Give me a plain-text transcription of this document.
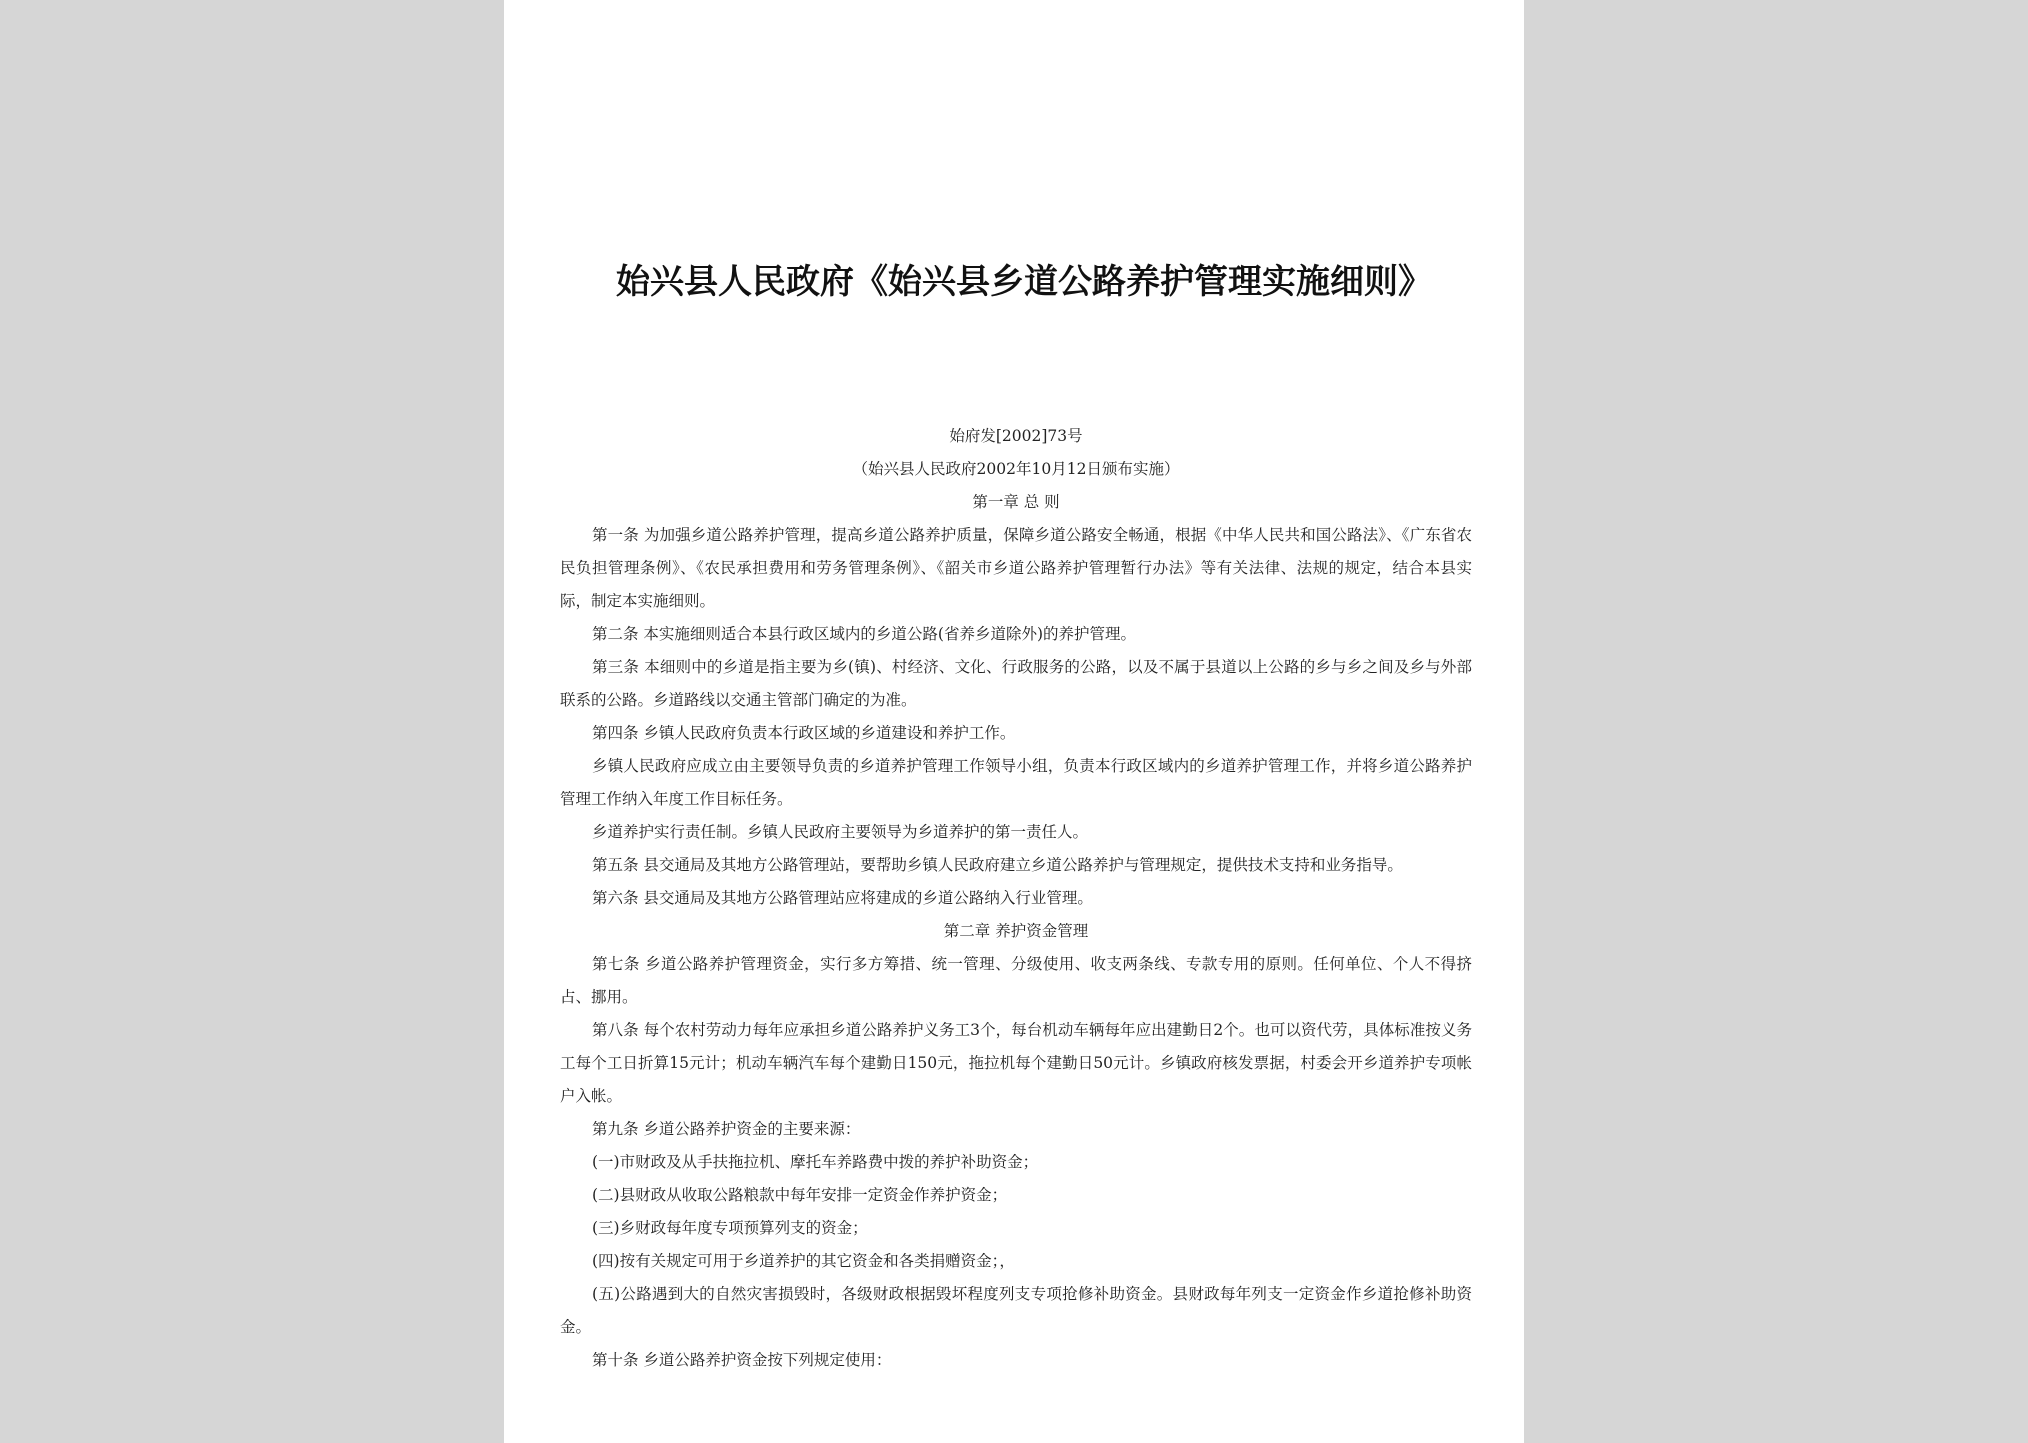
始兴县人民政府《始兴县乡道公路养护管理实施细则》

始府发[2002]73号

（始兴县人民政府2002年10月12日颁布实施）

第一章 总 则

第一条 为加强乡道公路养护管理，提高乡道公路养护质量，保障乡道公路安全畅通，根据《中华人民共和国公路法》、《广东省农民负担管理条例》、《农民承担费用和劳务管理条例》、《韶关市乡道公路养护管理暂行办法》等有关法律、法规的规定，结合本县实际，制定本实施细则。

第二条 本实施细则适合本县行政区域内的乡道公路(省养乡道除外)的养护管理。

第三条 本细则中的乡道是指主要为乡(镇)、村经济、文化、行政服务的公路，以及不属于县道以上公路的乡与乡之间及乡与外部联系的公路。乡道路线以交通主管部门确定的为准。

第四条 乡镇人民政府负责本行政区域的乡道建设和养护工作。

乡镇人民政府应成立由主要领导负责的乡道养护管理工作领导小组，负责本行政区域内的乡道养护管理工作，并将乡道公路养护管理工作纳入年度工作目标任务。

乡道养护实行责任制。乡镇人民政府主要领导为乡道养护的第一责任人。

第五条 县交通局及其地方公路管理站，要帮助乡镇人民政府建立乡道公路养护与管理规定，提供技术支持和业务指导。

第六条 县交通局及其地方公路管理站应将建成的乡道公路纳入行业管理。

第二章 养护资金管理

第七条 乡道公路养护管理资金，实行多方筹措、统一管理、分级使用、收支两条线、专款专用的原则。任何单位、个人不得挤占、挪用。

第八条 每个农村劳动力每年应承担乡道公路养护义务工3个，每台机动车辆每年应出建勤日2个。也可以资代劳，具体标准按义务工每个工日折算15元计；机动车辆汽车每个建勤日150元，拖拉机每个建勤日50元计。乡镇政府核发票据，村委会开乡道养护专项帐户入帐。

第九条 乡道公路养护资金的主要来源：

(一)市财政及从手扶拖拉机、摩托车养路费中拨的养护补助资金；

(二)县财政从收取公路粮款中每年安排一定资金作养护资金；

(三)乡财政每年度专项预算列支的资金；

(四)按有关规定可用于乡道养护的其它资金和各类捐赠资金；，

(五)公路遇到大的自然灾害损毁时，各级财政根据毁坏程度列支专项抢修补助资金。县财政每年列支一定资金作乡道抢修补助资金。

第十条 乡道公路养护资金按下列规定使用：
